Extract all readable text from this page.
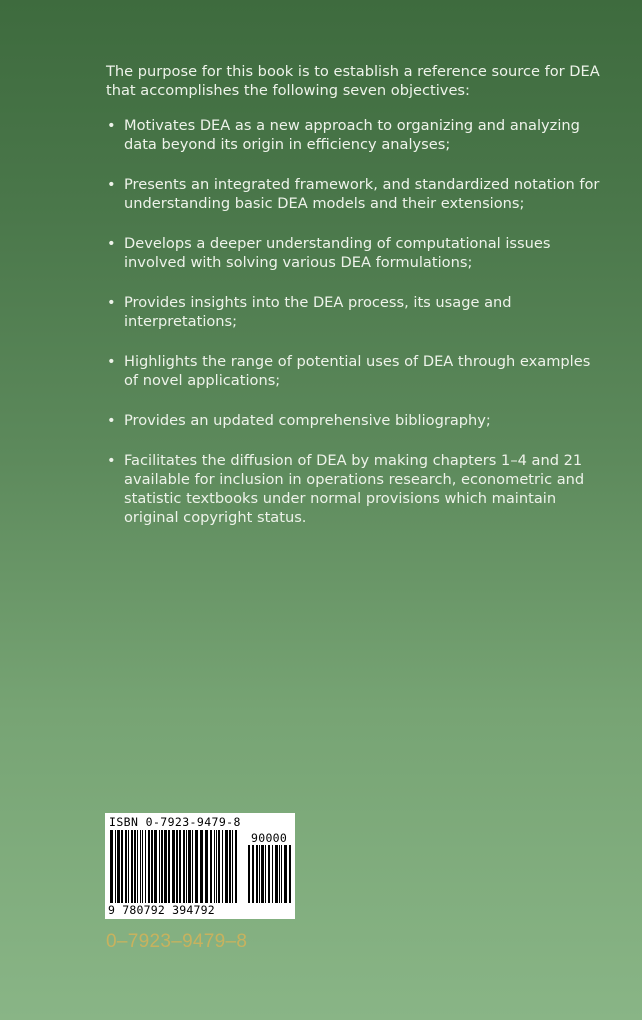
The purpose for this book is to establish a reference source for DEA that accomplishes the following seven objectives:

• Motivates DEA as a new approach to organizing and analyzing data beyond its origin in efficiency analyses;
• Presents an integrated framework, and standardized notation for understanding basic DEA models and their extensions;
• Develops a deeper understanding of computational issues involved with solving various DEA formulations;
• Provides insights into the DEA process, its usage and interpretations;
• Highlights the range of potential uses of DEA through examples of novel applications;
• Provides an updated comprehensive bibliography;
• Facilitates the diffusion of DEA by making chapters 1–4 and 21 available for inclusion in operations research, econometric and statistic textbooks under normal provisions which maintain original copyright status.
ISBN 0-7923-9479-8
90000
9 780792 394792
0–7923–9479–8
